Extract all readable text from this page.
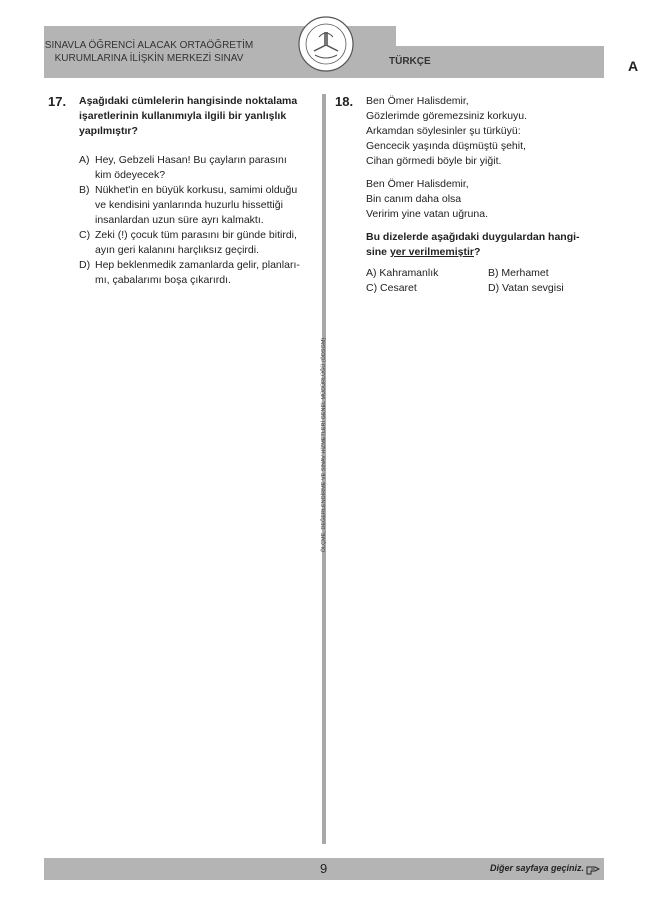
SINAVLA ÖĞRENCİ ALACAK ORTAÖĞRETİM
KURUMLARINA İLİŞKİN MERKEZİ SINAV	TÜRKÇE	A
ÖLÇME, DEĞERLENDİRME VE SINAV HİZMETLERİ GENEL MÜDÜRLÜĞÜ (ÖDSGM)
17. Aşağıdaki cümlelerin hangisinde noktalama
işaretlerinin kullanımıyla ilgili bir yanlışlık
yapılmıştır?
A) Hey, Gebzeli Hasan! Bu çayların parasını
kim ödeyecek?
B) Nükhet'in en büyük korkusu, samimi olduğu
ve kendisini yanlarında huzurlu hissettiği
insanlardan uzun süre ayrı kalmaktı.
C) Zeki (!) çocuk tüm parasını bir günde bitirdi,
ayın geri kalanını harçlıksız geçirdi.
D) Hep beklenmedik zamanlarda gelir, planları-
mı, çabalarımı boşa çıkarırdı.
18. Ben Ömer Halisdemir,

Gözlerimde göremezsiniz korkuyu.

Arkamdan söylesinler şu türküyü:

Gencecik yaşında düşmüştü şehit,

Cihan görmedi böyle bir yiğit.

Ben Ömer Halisdemir,

Bin canım daha olsa

Veririm yine vatan uğruna.

Bu dizelerde aşağıdaki duygulardan hangi-
sine yer verilmemiştir?
A) Kahramanlık	B) Merhamet
C) Cesaret	D) Vatan sevgisi
9	Diğer sayfaya geçiniz.
